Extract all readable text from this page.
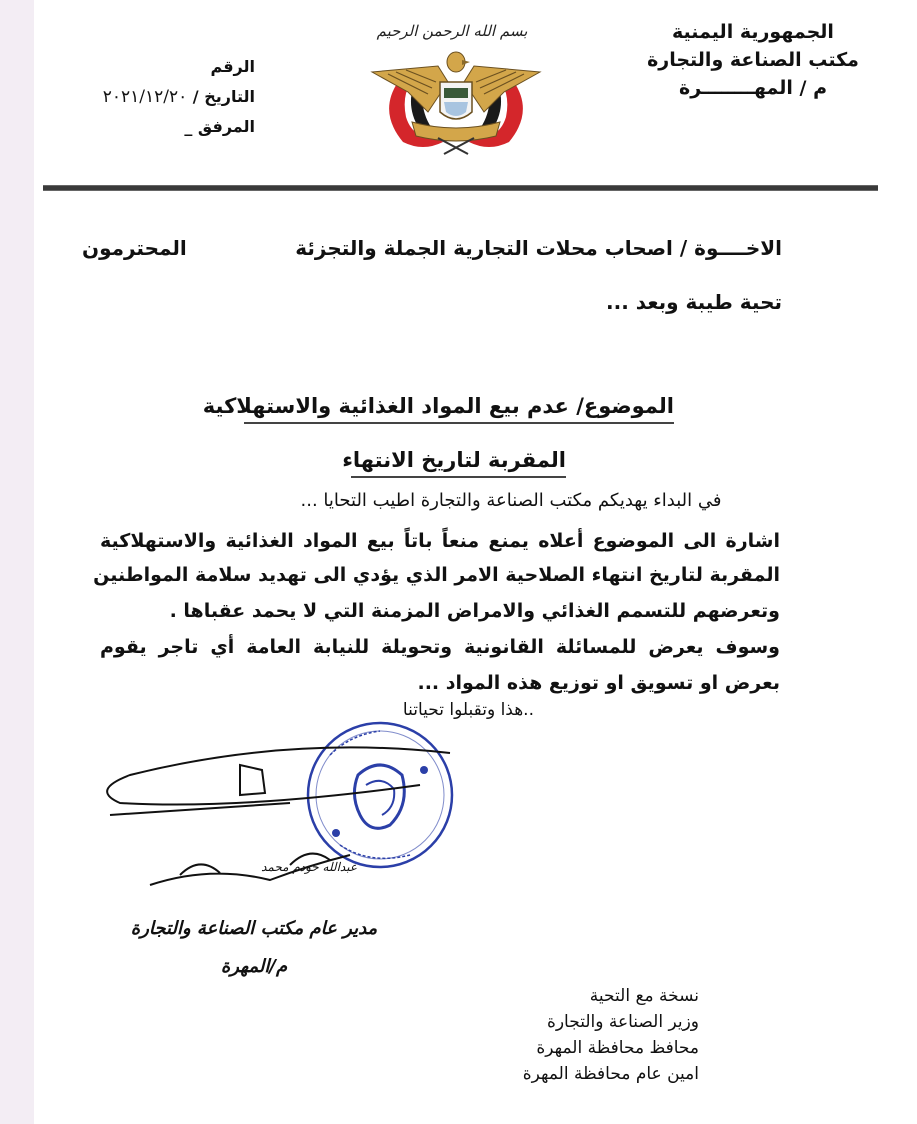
الجمهورية اليمنية
مكتب الصناعة والتجارة
م / المهــــــــرة
بسم الله الرحمن الرحيم
الرقم
التاريخ / ٢٠٢١/١٢/٢٠
المرفق _
الاخــــوة / اصحاب محلات التجارية الجملة والتجزئة
المحترمون
تحية طيبة وبعد ...
الموضوع/ عدم بيع المواد الغذائية والاستهلاكية
المقربة لتاريخ الانتهاء
في البداء يهديكم مكتب الصناعة والتجارة اطيب التحايا ...
اشارة الى الموضوع أعلاه يمنع منعاً باتاً بيع المواد الغذائية والاستهلاكية
المقربة لتاريخ انتهاء الصلاحية الامر الذي يؤدي الى تهديد سلامة المواطنين
وتعرضهم للتسمم الغذائي والامراض المزمنة التي لا يحمد عقباها .
وسوف يعرض للمسائلة القانونية وتحويلة للنيابة العامة أي تاجر يقوم
بعرض او تسويق او توزيع هذه المواد ...
..هذا وتقبلوا تحياتنا
عبدالله حودم محمد
مدير عام مكتب الصناعة والتجارة
م/المهرة
نسخة مع التحية
وزير الصناعة والتجارة
محافظ محافظة المهرة
امين عام محافظة المهرة
